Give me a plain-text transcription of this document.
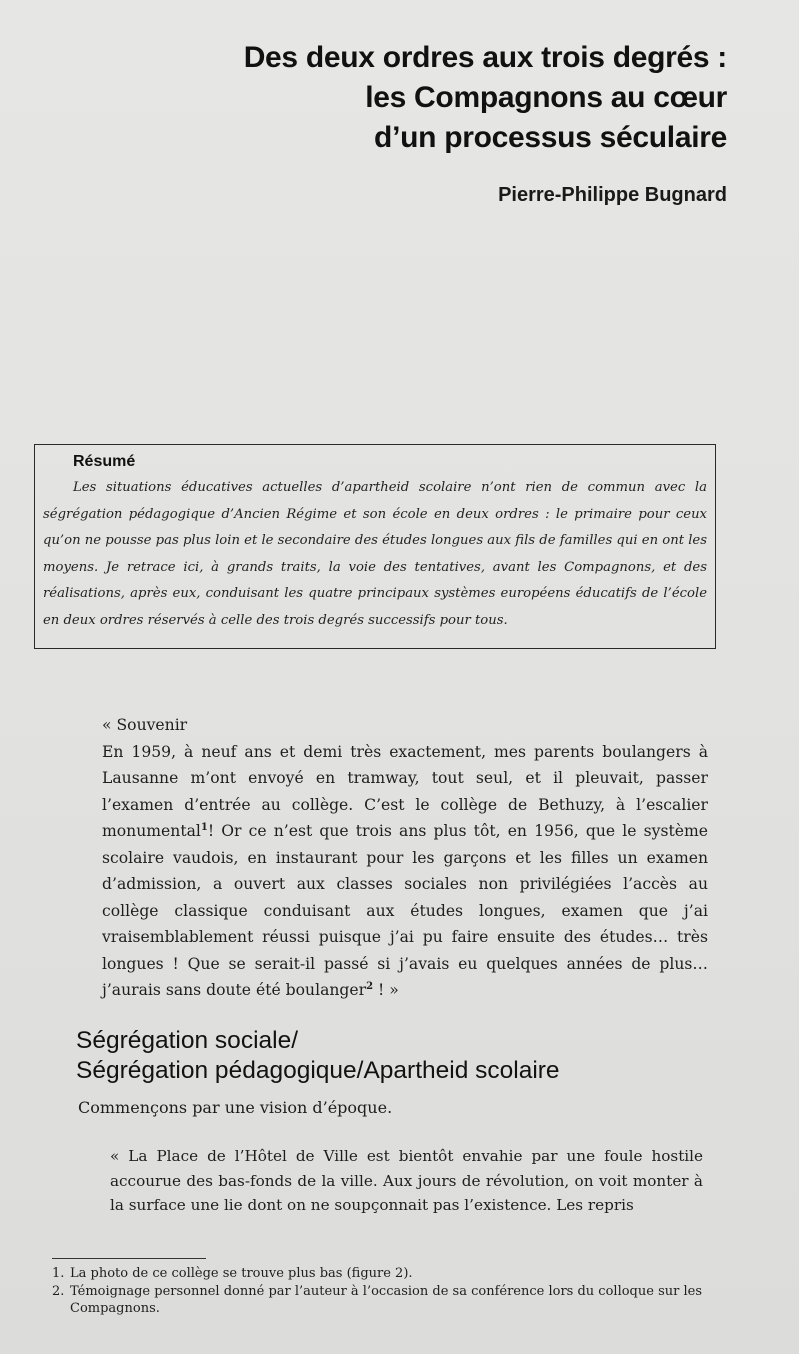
Des deux ordres aux trois degrés :
les Compagnons au cœur
d’un processus séculaire
Pierre-Philippe Bugnard
Résumé

Les situations éducatives actuelles d’apartheid scolaire n’ont rien de commun avec la ségrégation pédagogique d’Ancien Régime et son école en deux ordres : le primaire pour ceux qu’on ne pousse pas plus loin et le secondaire des études longues aux fils de familles qui en ont les moyens. Je retrace ici, à grands traits, la voie des tentatives, avant les Compagnons, et des réalisations, après eux, conduisant les quatre principaux systèmes européens éducatifs de l’école en deux ordres réservés à celle des trois degrés successifs pour tous.

« Souvenir

En 1959, à neuf ans et demi très exactement, mes parents boulangers à Lausanne m’ont envoyé en tramway, tout seul, et il pleuvait, passer l’examen d’entrée au collège. C’est le collège de Bethuzy, à l’escalier monumental$^1$! Or ce n’est que trois ans plus tôt, en 1956, que le système scolaire vaudois, en instaurant pour les garçons et les filles un examen d’admission, a ouvert aux classes sociales non privilégiées l’accès au collège classique conduisant aux études longues, examen que j’ai vraisemblablement réussi puisque j’ai pu faire ensuite des études… très longues ! Que se serait-il passé si j’avais eu quelques années de plus… j’aurais sans doute été boulanger$^2$ ! »

Ségrégation sociale/
Ségrégation pédagogique/Apartheid scolaire

Commençons par une vision d’époque.

« La Place de l’Hôtel de Ville est bientôt envahie par une foule hostile accourue des bas-fonds de la ville. Aux jours de révolution, on voit monter à la surface une lie dont on ne soupçonnait pas l’existence. Les repris

1. La photo de ce collège se trouve plus bas (figure 2).
2. Témoignage personnel donné par l’auteur à l’occasion de sa conférence lors du colloque sur les Compagnons.
